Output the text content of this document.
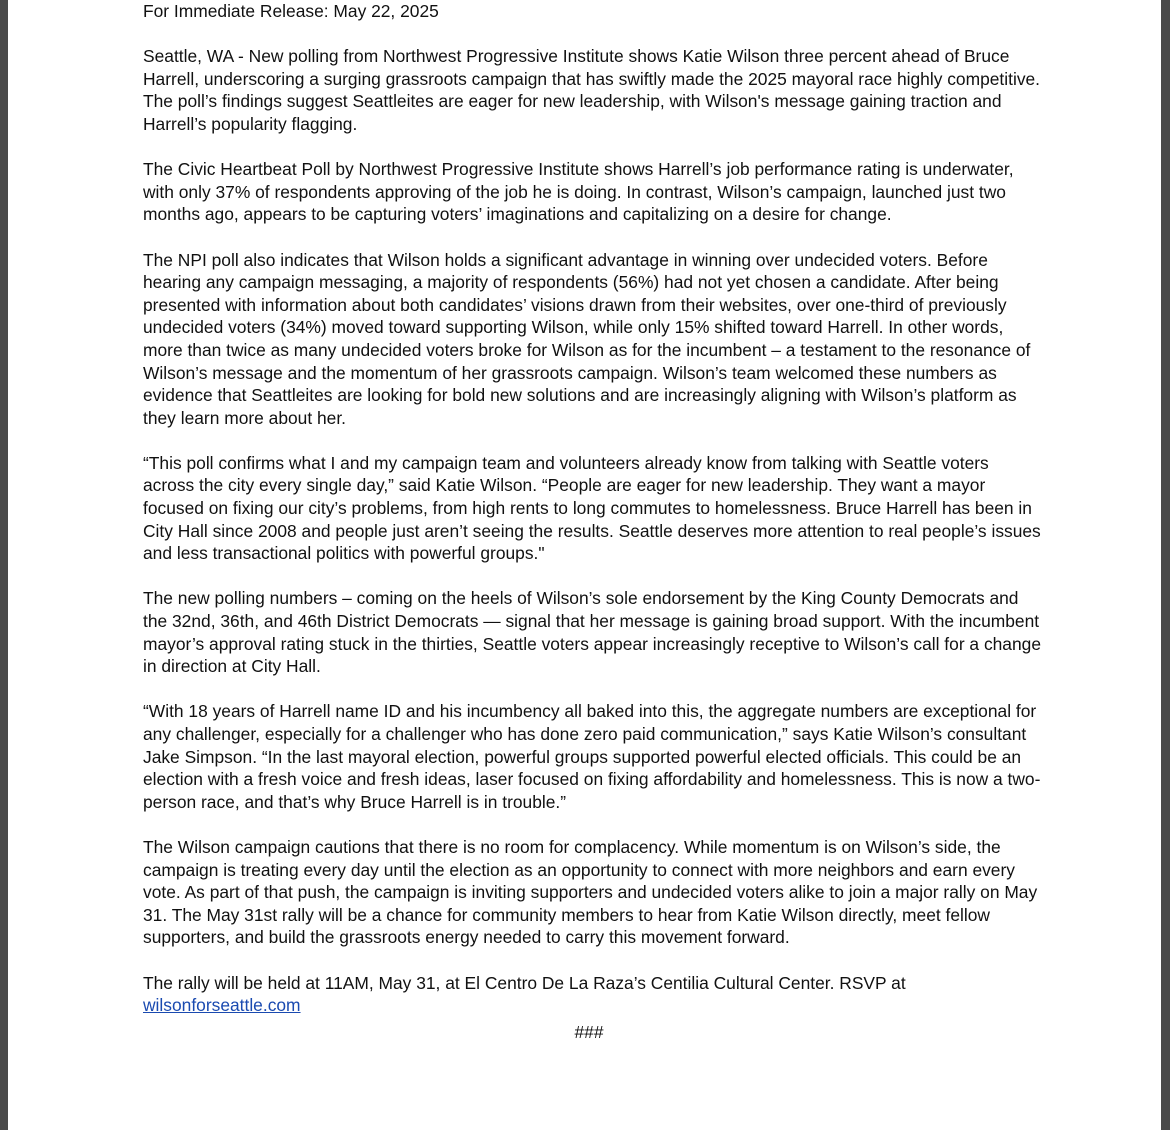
For Immediate Release: May 22, 2025

Seattle, WA - New polling from Northwest Progressive Institute shows Katie Wilson three percent ahead of Bruce Harrell, underscoring a surging grassroots campaign that has swiftly made the 2025 mayoral race highly competitive. The poll’s findings suggest Seattleites are eager for new leadership, with Wilson's message gaining traction and Harrell’s popularity flagging.

The Civic Heartbeat Poll by Northwest Progressive Institute shows Harrell’s job performance rating is underwater, with only 37% of respondents approving of the job he is doing. In contrast, Wilson’s campaign, launched just two months ago, appears to be capturing voters’ imaginations and capitalizing on a desire for change.

The NPI poll also indicates that Wilson holds a significant advantage in winning over undecided voters. Before hearing any campaign messaging, a majority of respondents (56%) had not yet chosen a candidate. After being presented with information about both candidates’ visions drawn from their websites, over one-third of previously undecided voters (34%) moved toward supporting Wilson, while only 15% shifted toward Harrell. In other words, more than twice as many undecided voters broke for Wilson as for the incumbent – a testament to the resonance of Wilson’s message and the momentum of her grassroots campaign. Wilson’s team welcomed these numbers as evidence that Seattleites are looking for bold new solutions and are increasingly aligning with Wilson’s platform as they learn more about her.

“This poll confirms what I and my campaign team and volunteers already know from talking with Seattle voters across the city every single day,” said Katie Wilson. “People are eager for new leadership. They want a mayor focused on fixing our city’s problems, from high rents to long commutes to homelessness. Bruce Harrell has been in City Hall since 2008 and people just aren’t seeing the results. Seattle deserves more attention to real people’s issues and less transactional politics with powerful groups."

The new polling numbers – coming on the heels of Wilson’s sole endorsement by the King County Democrats and the 32nd, 36th, and 46th District Democrats — signal that her message is gaining broad support. With the incumbent mayor’s approval rating stuck in the thirties, Seattle voters appear increasingly receptive to Wilson’s call for a change in direction at City Hall.

“With 18 years of Harrell name ID and his incumbency all baked into this, the aggregate numbers are exceptional for any challenger, especially for a challenger who has done zero paid communication,” says Katie Wilson’s consultant Jake Simpson. “In the last mayoral election, powerful groups supported powerful elected officials. This could be an election with a fresh voice and fresh ideas, laser focused on fixing affordability and homelessness. This is now a two-person race, and that’s why Bruce Harrell is in trouble.”

The Wilson campaign cautions that there is no room for complacency. While momentum is on Wilson’s side, the campaign is treating every day until the election as an opportunity to connect with more neighbors and earn every vote. As part of that push, the campaign is inviting supporters and undecided voters alike to join a major rally on May 31. The May 31st rally will be a chance for community members to hear from Katie Wilson directly, meet fellow supporters, and build the grassroots energy needed to carry this movement forward.

The rally will be held at 11AM, May 31, at El Centro De La Raza’s Centilia Cultural Center. RSVP at wilsonforseattle.com

###
